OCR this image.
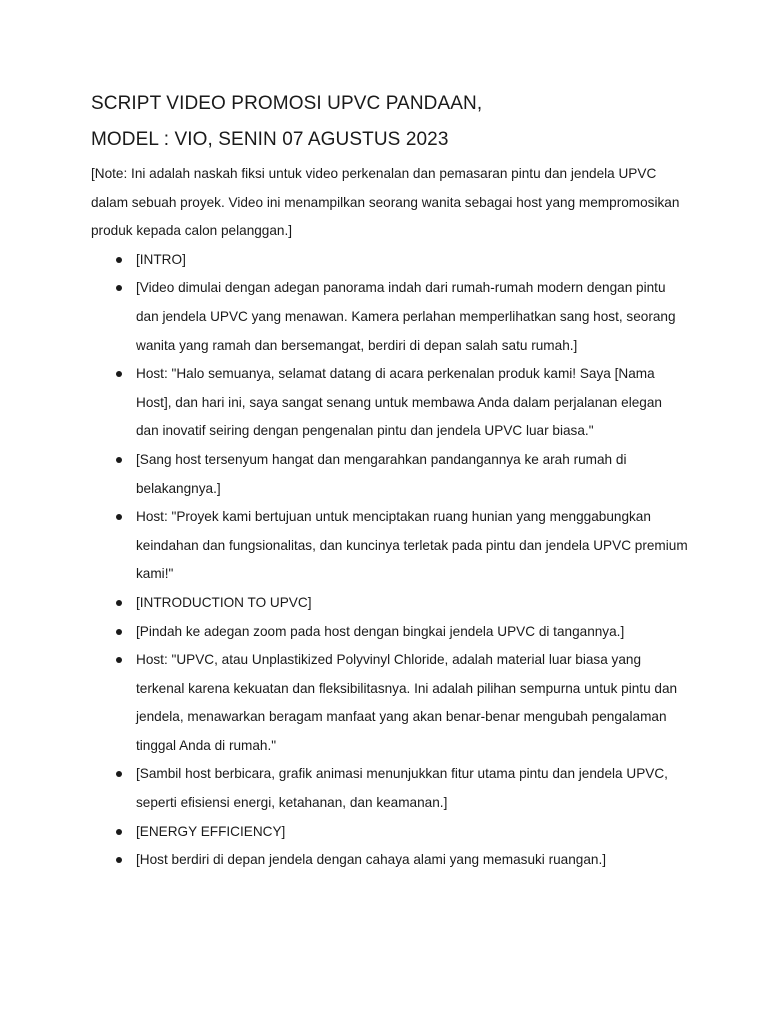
SCRIPT VIDEO PROMOSI UPVC PANDAAN,
MODEL : VIO, SENIN 07 AGUSTUS 2023

[Note: Ini adalah naskah fiksi untuk video perkenalan dan pemasaran pintu dan jendela UPVC dalam sebuah proyek. Video ini menampilkan seorang wanita sebagai host yang mempromosikan produk kepada calon pelanggan.]

[INTRO]
[Video dimulai dengan adegan panorama indah dari rumah-rumah modern dengan pintu dan jendela UPVC yang menawan. Kamera perlahan memperlihatkan sang host, seorang wanita yang ramah dan bersemangat, berdiri di depan salah satu rumah.]
Host: "Halo semuanya, selamat datang di acara perkenalan produk kami! Saya [Nama Host], dan hari ini, saya sangat senang untuk membawa Anda dalam perjalanan elegan dan inovatif seiring dengan pengenalan pintu dan jendela UPVC luar biasa."
[Sang host tersenyum hangat dan mengarahkan pandangannya ke arah rumah di belakangnya.]
Host: "Proyek kami bertujuan untuk menciptakan ruang hunian yang menggabungkan keindahan dan fungsionalitas, dan kuncinya terletak pada pintu dan jendela UPVC premium kami!"
[INTRODUCTION TO UPVC]
[Pindah ke adegan zoom pada host dengan bingkai jendela UPVC di tangannya.]
Host: "UPVC, atau Unplastikized Polyvinyl Chloride, adalah material luar biasa yang terkenal karena kekuatan dan fleksibilitasnya. Ini adalah pilihan sempurna untuk pintu dan jendela, menawarkan beragam manfaat yang akan benar-benar mengubah pengalaman tinggal Anda di rumah."
[Sambil host berbicara, grafik animasi menunjukkan fitur utama pintu dan jendela UPVC, seperti efisiensi energi, ketahanan, dan keamanan.]
[ENERGY EFFICIENCY]
[Host berdiri di depan jendela dengan cahaya alami yang memasuki ruangan.]
